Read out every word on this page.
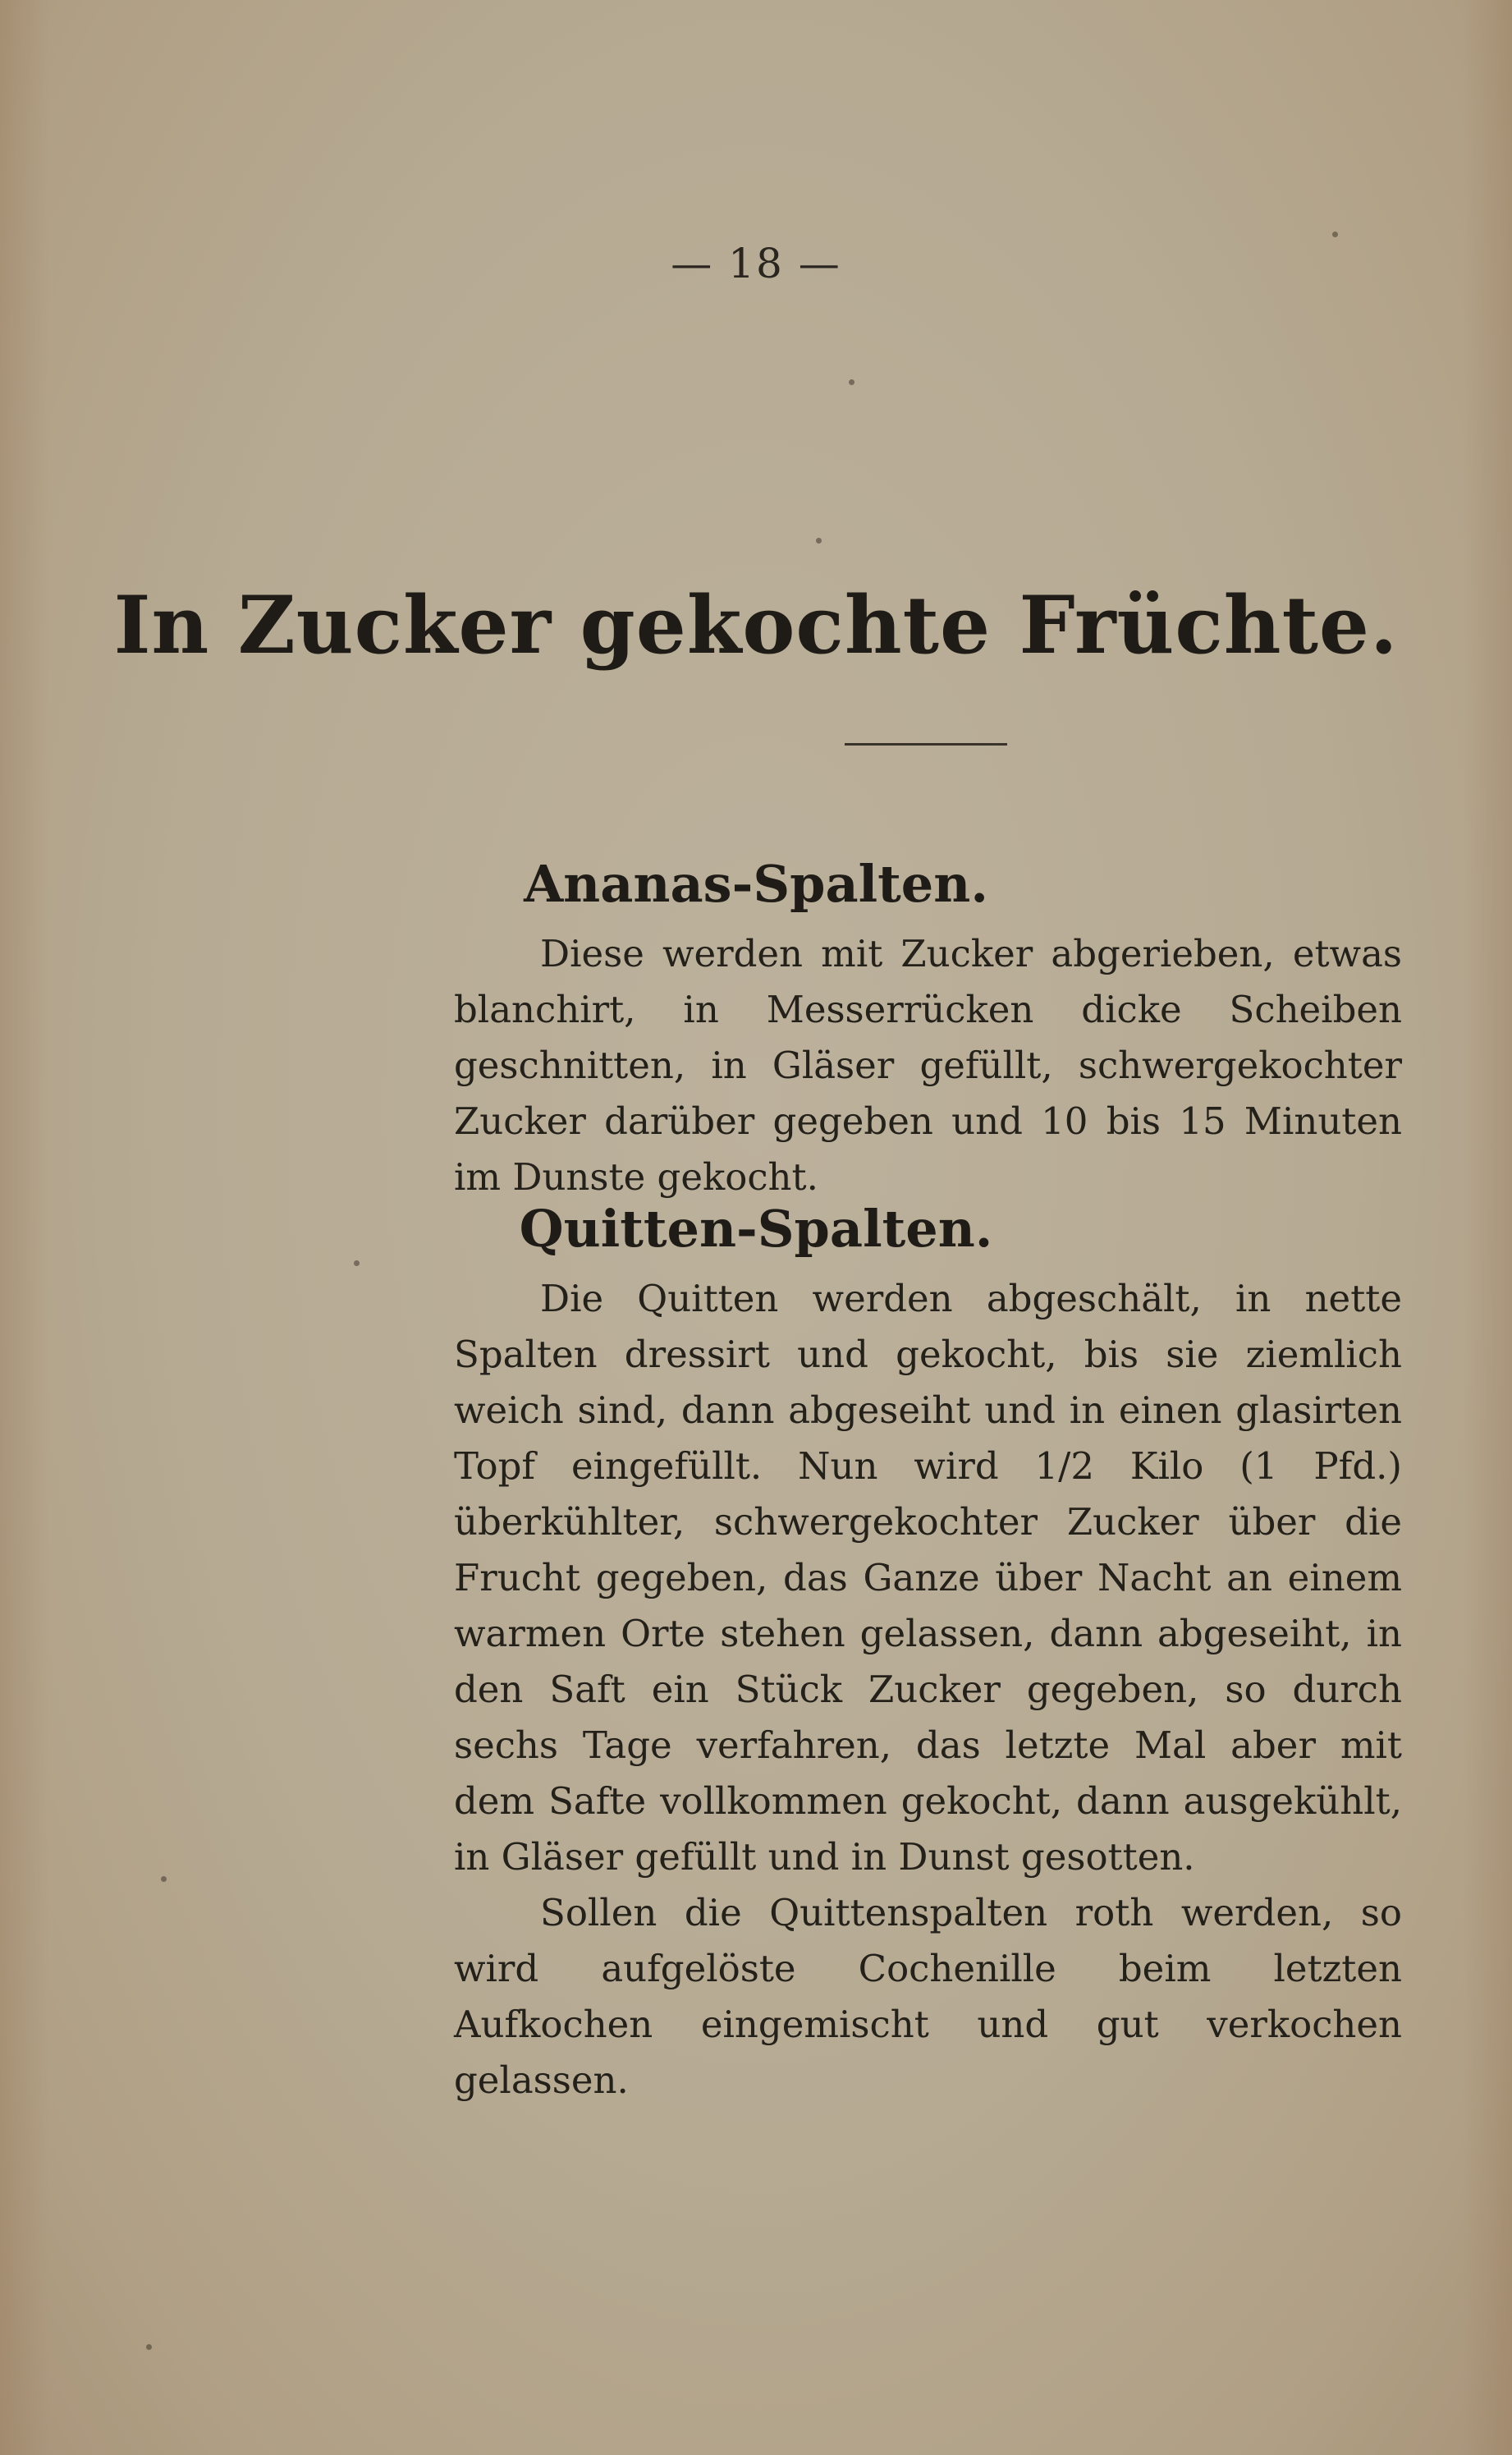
— 18 —
In Zucker gekochte Früchte.
Ananas-Spalten.

Diese werden mit Zucker abgerieben, etwas blanchirt, in Messerrücken dicke Scheiben geschnitten, in Gläser gefüllt, schwergekochter Zucker darüber gegeben und 10 bis 15 Minuten im Dunste gekocht.

Quitten-Spalten.

Die Quitten werden abgeschält, in nette Spalten dressirt und gekocht, bis sie ziemlich weich sind, dann abgeseiht und in einen glasirten Topf eingefüllt. Nun wird 1/2 Kilo (1 Pfd.) überkühlter, schwergekochter Zucker über die Frucht gegeben, das Ganze über Nacht an einem warmen Orte stehen gelassen, dann abgeseiht, in den Saft ein Stück Zucker gegeben, so durch sechs Tage verfahren, das letzte Mal aber mit dem Safte vollkommen gekocht, dann ausgekühlt, in Gläser gefüllt und in Dunst gesotten.

Sollen die Quittenspalten roth werden, so wird aufgelöste Cochenille beim letzten Aufkochen eingemischt und gut verkochen gelassen.
